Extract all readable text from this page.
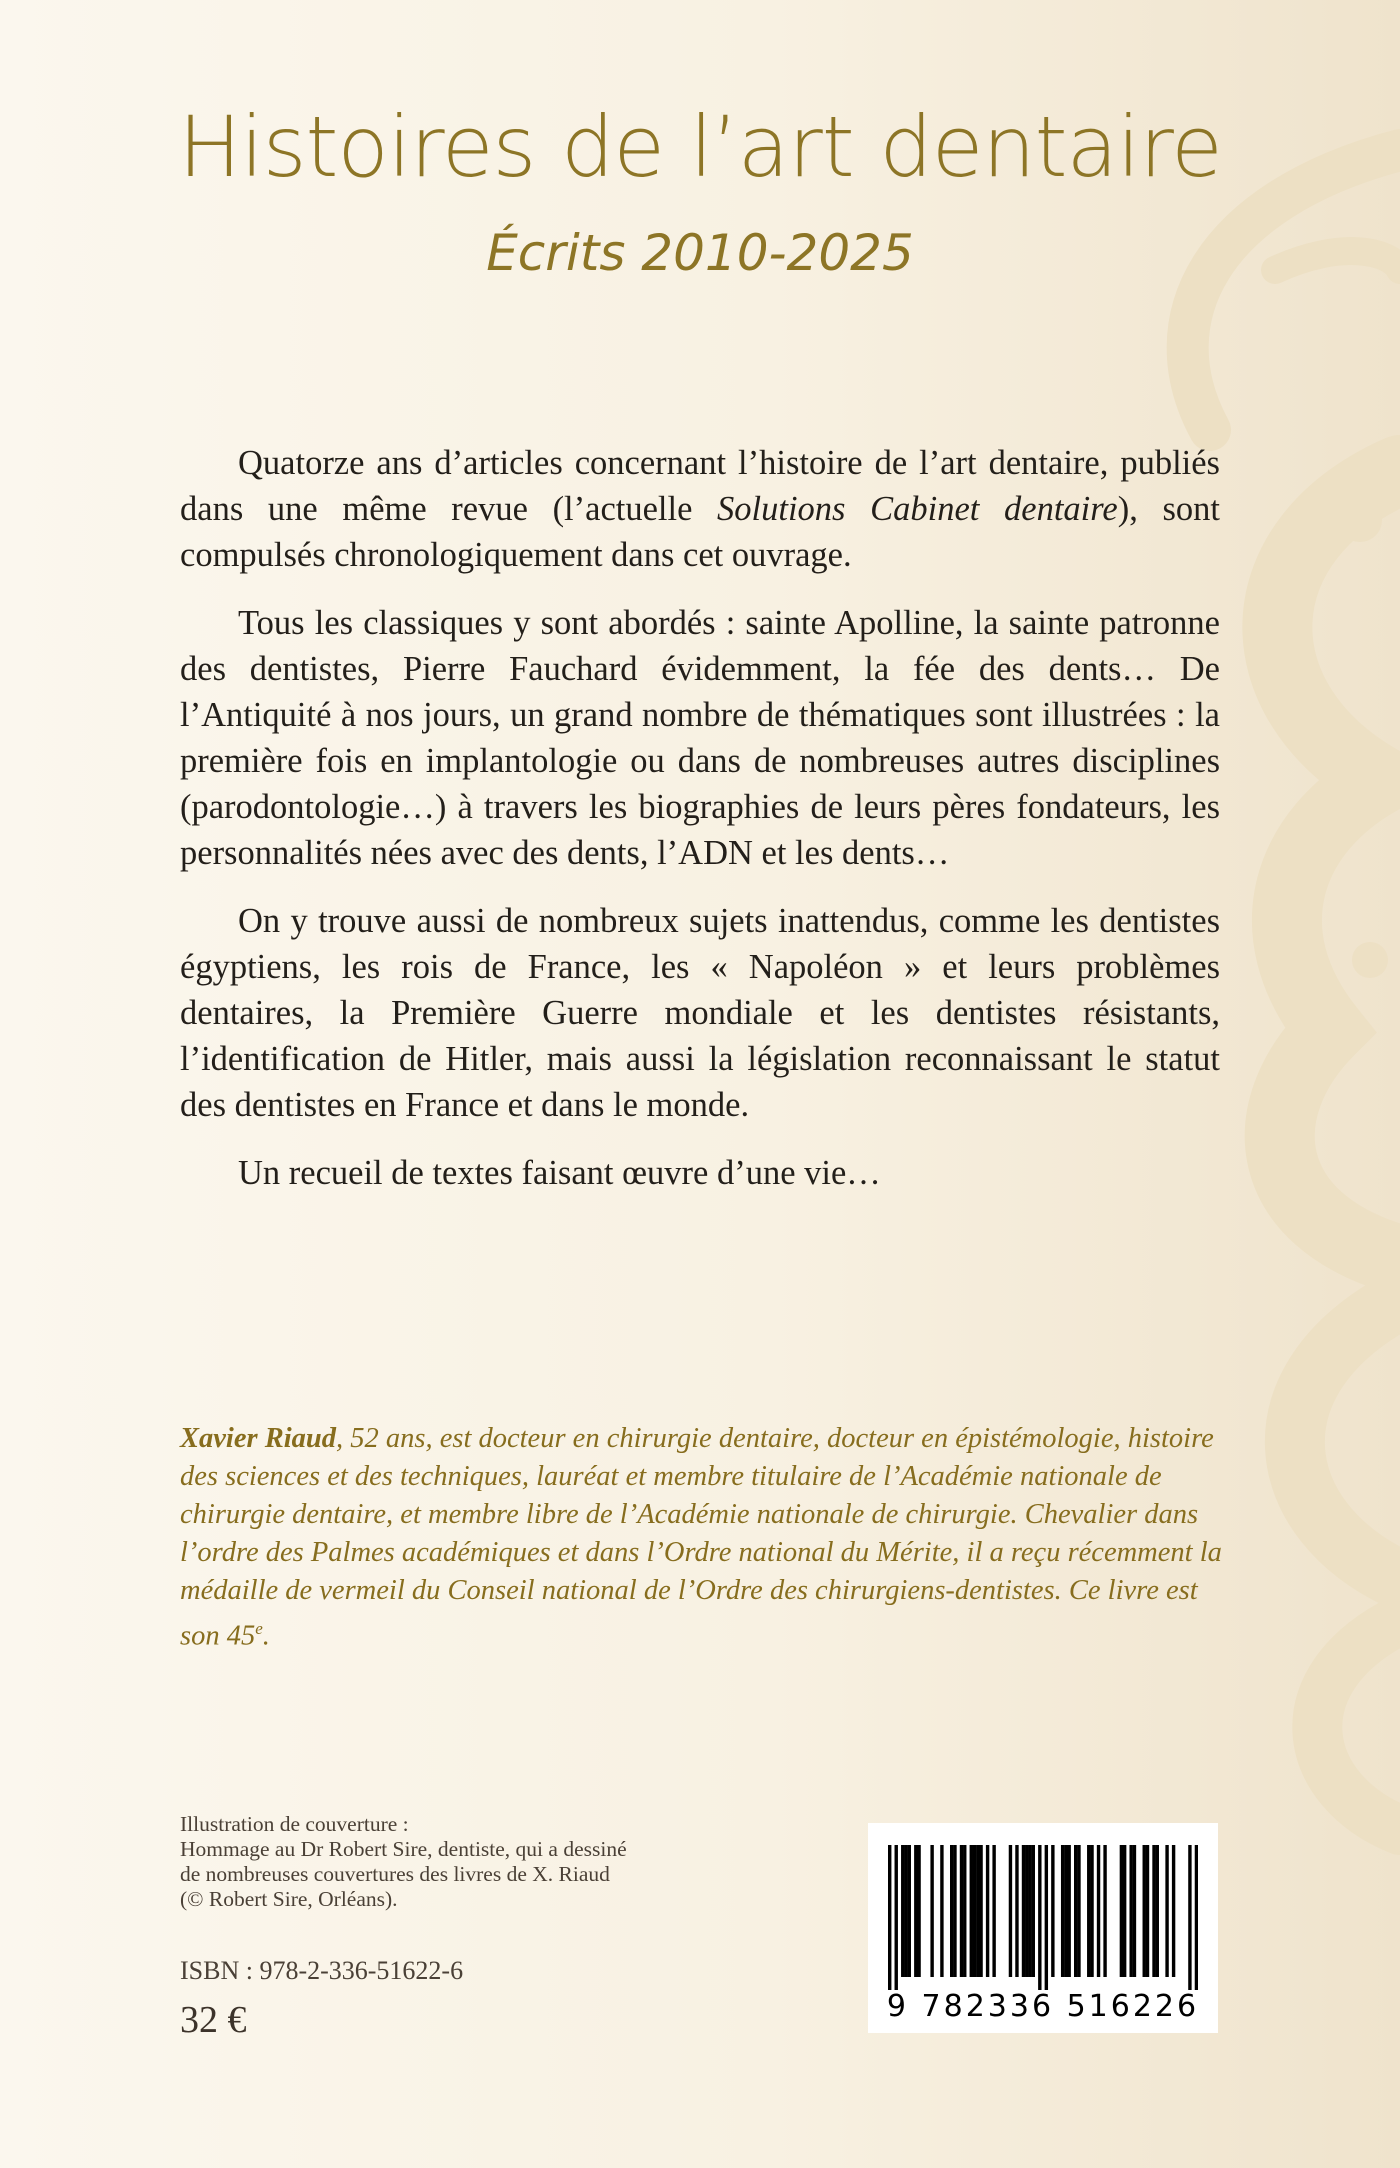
Histoires de l’art dentaire
Écrits 2010-2025

Quatorze ans d’articles concernant l’histoire de l’art dentaire, publiés dans une même revue (l’actuelle Solutions Cabinet dentaire), sont compulsés chronologiquement dans cet ouvrage.

Tous les classiques y sont abordés : sainte Apolline, la sainte patronne des dentistes, Pierre Fauchard évidemment, la fée des dents… De l’Antiquité à nos jours, un grand nombre de thématiques sont illustrées : la première fois en implantologie ou dans de nombreuses autres disciplines (parodontologie…) à travers les biographies de leurs pères fondateurs, les personnalités nées avec des dents, l’ADN et les dents…

On y trouve aussi de nombreux sujets inattendus, comme les dentistes égyptiens, les rois de France, les « Napoléon » et leurs problèmes dentaires, la Première Guerre mondiale et les dentistes résistants, l’identification de Hitler, mais aussi la législation reconnaissant le statut des dentistes en France et dans le monde.

Un recueil de textes faisant œuvre d’une vie…

Xavier Riaud, 52 ans, est docteur en chirurgie dentaire, docteur en épistémologie, histoire des sciences et des techniques, lauréat et membre titulaire de l’Académie nationale de chirurgie dentaire, et membre libre de l’Académie nationale de chirurgie. Chevalier dans l’ordre des Palmes académiques et dans l’Ordre national du Mérite, il a reçu récemment la médaille de vermeil du Conseil national de l’Ordre des chirurgiens-dentistes. Ce livre est son 45e.

Illustration de couverture :
Hommage au Dr Robert Sire, dentiste, qui a dessiné
de nombreuses couvertures des livres de X. Riaud
(© Robert Sire, Orléans).
ISBN : 978-2-336-51622-6
32 €	9 782336 516226
